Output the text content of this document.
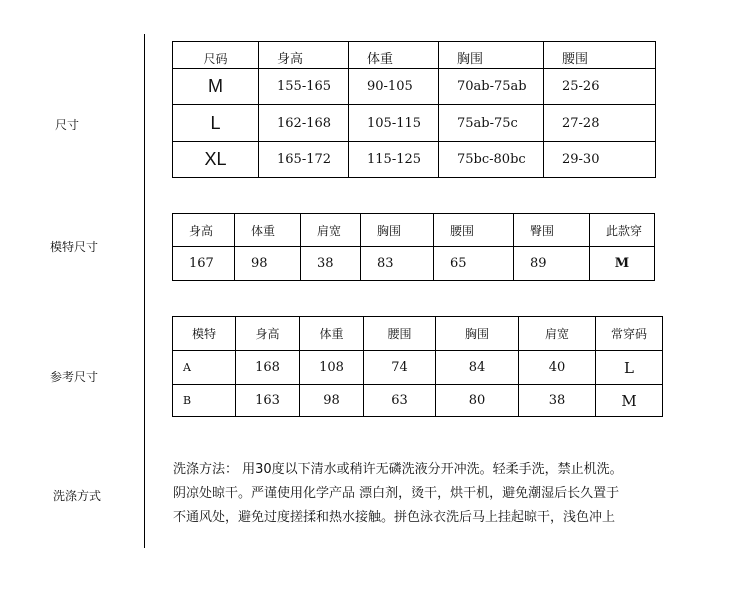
尺寸
模特尺寸
参考尺寸
洗涤方式
尺码	身高	体重	胸围	腰围
M	155-165	90-105	70ab-75ab	25-26
L	162-168	105-115	75ab-75c	27-28
XL	165-172	115-125	75bc-80bc	29-30
身高	体重	肩宽	胸围	腰围	臀围	此款穿
167	98	38	83	65	89	M
模特	身高	体重	腰围	胸围	肩宽	常穿码
A	168	108	74	84	40	L
B	163	98	63	80	38	M

洗涤方法： 用30度以下清水或稍许无磷洗液分开冲洗。轻柔手洗，禁止机洗。

阴凉处晾干。严谨使用化学产品 漂白剂，烫干，烘干机，避免潮湿后长久置于

不通风处，避免过度搓揉和热水接触。拼色泳衣洗后马上挂起晾干，浅色冲上
